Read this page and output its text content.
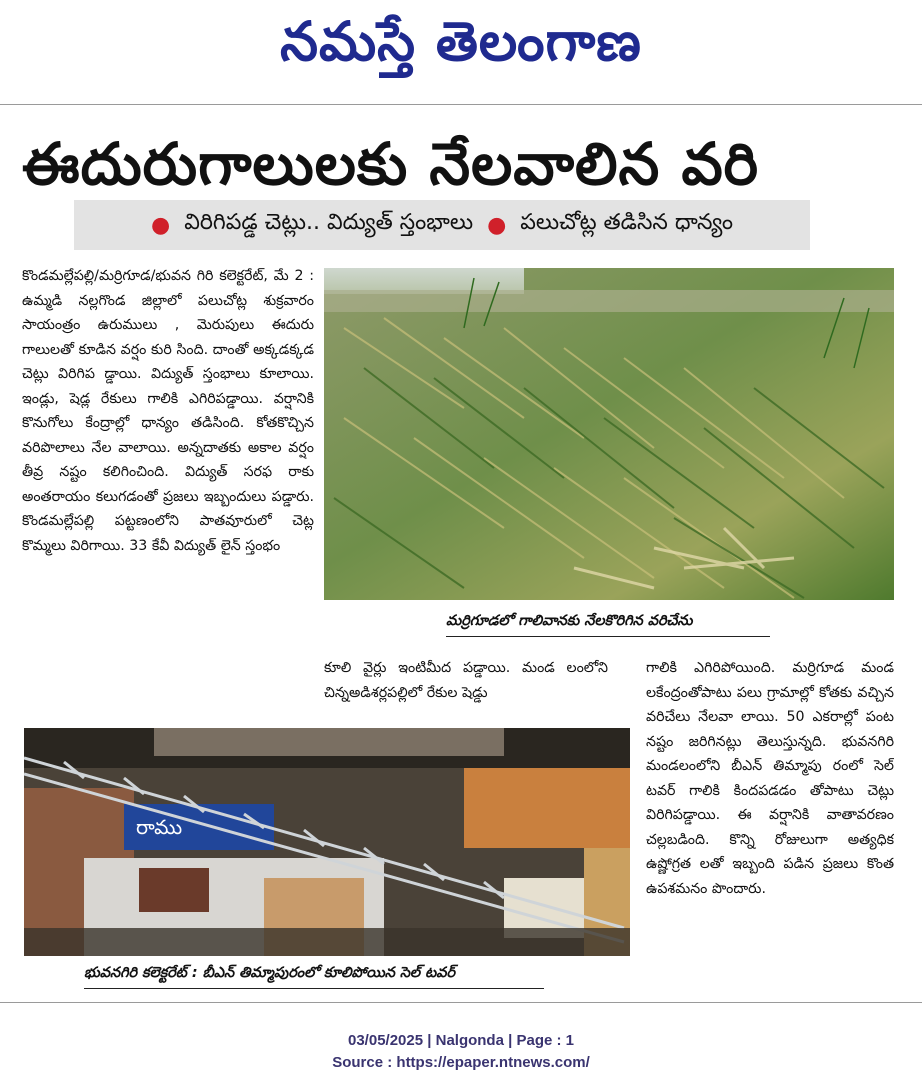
నమస్తే తెలంగాణ
ఈదురుగాలులకు నేలవాలిన వరి
● విరిగిపడ్డ చెట్లు.. విద్యుత్ స్తంభాలు ● పలుచోట్ల తడిసిన ధాన్యం
కొండమల్లేపల్లి/మర్రిగూడ/భువన గిరి కలెక్టరేట్, మే 2 : ఉమ్మడి నల్లగొండ జిల్లాలో పలుచోట్ల శుక్రవారం సాయంత్రం ఉరుములు , మెరుపులు ఈదురు గాలులతో కూడిన వర్షం కురి సింది. దాంతో అక్కడక్కడ చెట్లు విరిగిప డ్డాయి. విద్యుత్ స్తంభాలు కూలాయి. ఇండ్లు, షెడ్ల రేకులు గాలికి ఎగిరిపడ్డాయి. వర్షానికి కొనుగోలు కేంద్రాల్లో ధాన్యం తడిసింది. కోతకొచ్చిన వరిపొలాలు నేల వాలాయి. అన్నదాతకు అకాల వర్షం తీవ్ర నష్టం కలిగించింది. విద్యుత్ సరఫ రాకు అంతరాయం కలుగడంతో ప్రజలు ఇబ్బందులు పడ్డారు. కొండమల్లేపల్లి పట్టణంలోని పాతవూరులో చెట్ల కొమ్మలు విరిగాయి. 33 కేవీ విద్యుత్ లైన్ స్తంభం
మర్రిగూడలో గాలివానకు నేలకొరిగిన వరిచేను
కూలి వైర్లు ఇంటిమీద పడ్డాయి. మండ లంలోని చిన్నఅడిశర్లపల్లిలో రేకుల షెడ్డు
రాము
భువనగిరి కలెక్టరేట్ : బీఎన్ తిమ్మాపురంలో కూలిపోయిన సెల్ టవర్
గాలికి ఎగిరిపోయింది. మర్రిగూడ మండ లకేంద్రంతోపాటు పలు గ్రామాల్లో కోతకు వచ్చిన వరిచేలు నేలవా లాయి. 50 ఎకరాల్లో పంట నష్టం జరిగినట్లు తెలుస్తున్నది. భువనగిరి మండలంలోని బీఎన్ తిమ్మాపు రంలో సెల్ టవర్ గాలికి కిందపడడం తోపాటు చెట్లు విరిగిపడ్డాయి. ఈ వర్షానికి వాతావరణం చల్లబడింది. కొన్ని రోజులుగా అత్యధిక ఉష్ణోగ్రత లతో ఇబ్బంది పడిన ప్రజలు కొంత ఉపశమనం పొందారు.
03/05/2025 | Nalgonda | Page : 1
Source : https://epaper.ntnews.com/
